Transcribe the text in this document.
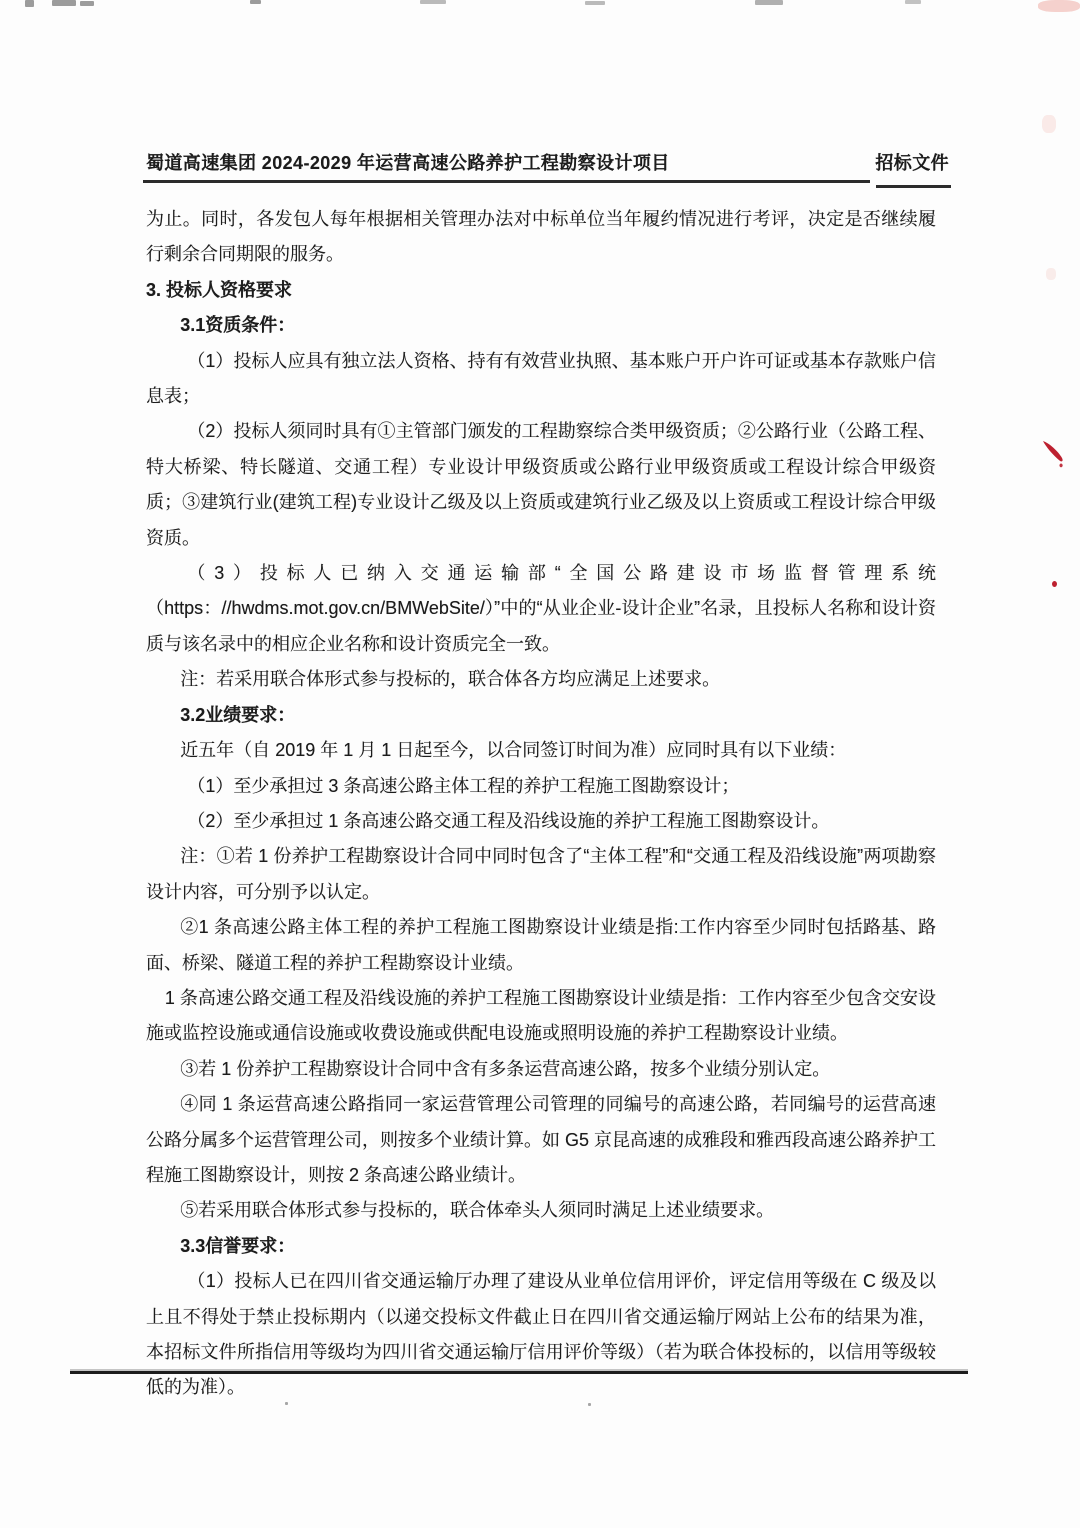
蜀道高速集团 2024-2029 年运营高速公路养护工程勘察设计项目	招标文件

为止。同时，各发包人每年根据相关管理办法对中标单位当年履约情况进行考评，决定是否继续履行剩余合同期限的服务。

3. 投标人资格要求

3.1资质条件：

（1）投标人应具有独立法人资格、持有有效营业执照、基本账户开户许可证或基本存款账户信息表；

（2）投标人须同时具有①主管部门颁发的工程勘察综合类甲级资质；②公路行业（公路工程、特大桥梁、特长隧道、交通工程）专业设计甲级资质或公路行业甲级资质或工程设计综合甲级资质；③建筑行业(建筑工程)专业设计乙级及以上资质或建筑行业乙级及以上资质或工程设计综合甲级资质。

（3）投标人已纳入交通运输部“全国公路建设市场监督管理系统（https：//hwdms.mot.gov.cn/BMWebSite/）”中的“从业企业-设计企业”名录，且投标人名称和设计资质与该名录中的相应企业名称和设计资质完全一致。

注：若采用联合体形式参与投标的，联合体各方均应满足上述要求。

3.2业绩要求：

近五年（自 2019 年 1 月 1 日起至今，以合同签订时间为准）应同时具有以下业绩：

（1）至少承担过 3 条高速公路主体工程的养护工程施工图勘察设计；

（2）至少承担过 1 条高速公路交通工程及沿线设施的养护工程施工图勘察设计。

注：①若 1 份养护工程勘察设计合同中同时包含了“主体工程”和“交通工程及沿线设施”两项勘察设计内容，可分别予以认定。

②1 条高速公路主体工程的养护工程施工图勘察设计业绩是指:工作内容至少同时包括路基、路面、桥梁、隧道工程的养护工程勘察设计业绩。

1 条高速公路交通工程及沿线设施的养护工程施工图勘察设计业绩是指：工作内容至少包含交安设施或监控设施或通信设施或收费设施或供配电设施或照明设施的养护工程勘察设计业绩。

③若 1 份养护工程勘察设计合同中含有多条运营高速公路，按多个业绩分别认定。

④同 1 条运营高速公路指同一家运营管理公司管理的同编号的高速公路，若同编号的运营高速公路分属多个运营管理公司，则按多个业绩计算。如 G5 京昆高速的成雅段和雅西段高速公路养护工程施工图勘察设计，则按 2 条高速公路业绩计。

⑤若采用联合体形式参与投标的，联合体牵头人须同时满足上述业绩要求。

3.3信誉要求：

（1）投标人已在四川省交通运输厅办理了建设从业单位信用评价，评定信用等级在 C 级及以上且不得处于禁止投标期内（以递交投标文件截止日在四川省交通运输厅网站上公布的结果为准，本招标文件所指信用等级均为四川省交通运输厅信用评价等级）（若为联合体投标的，以信用等级较低的为准）。
